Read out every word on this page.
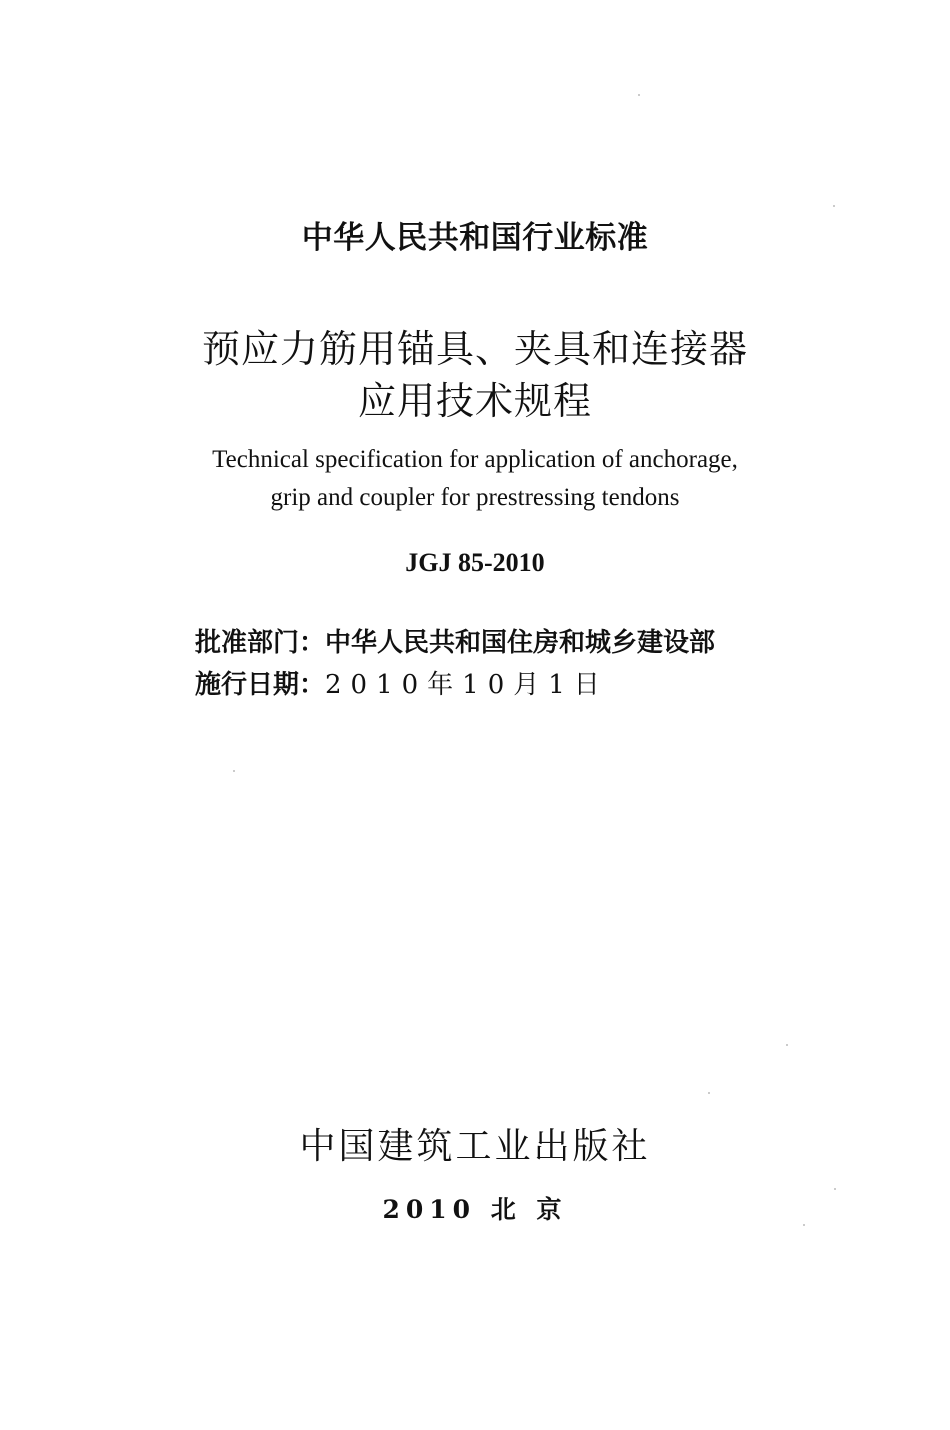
中华人民共和国行业标准
预应力筋用锚具、夹具和连接器
应用技术规程
Technical specification for application of anchorage,
grip and coupler for prestressing tendons
JGJ 85-2010
批准部门：中华人民共和国住房和城乡建设部
施行日期：2010年10月1日
中国建筑工业出版社
2010 北 京
